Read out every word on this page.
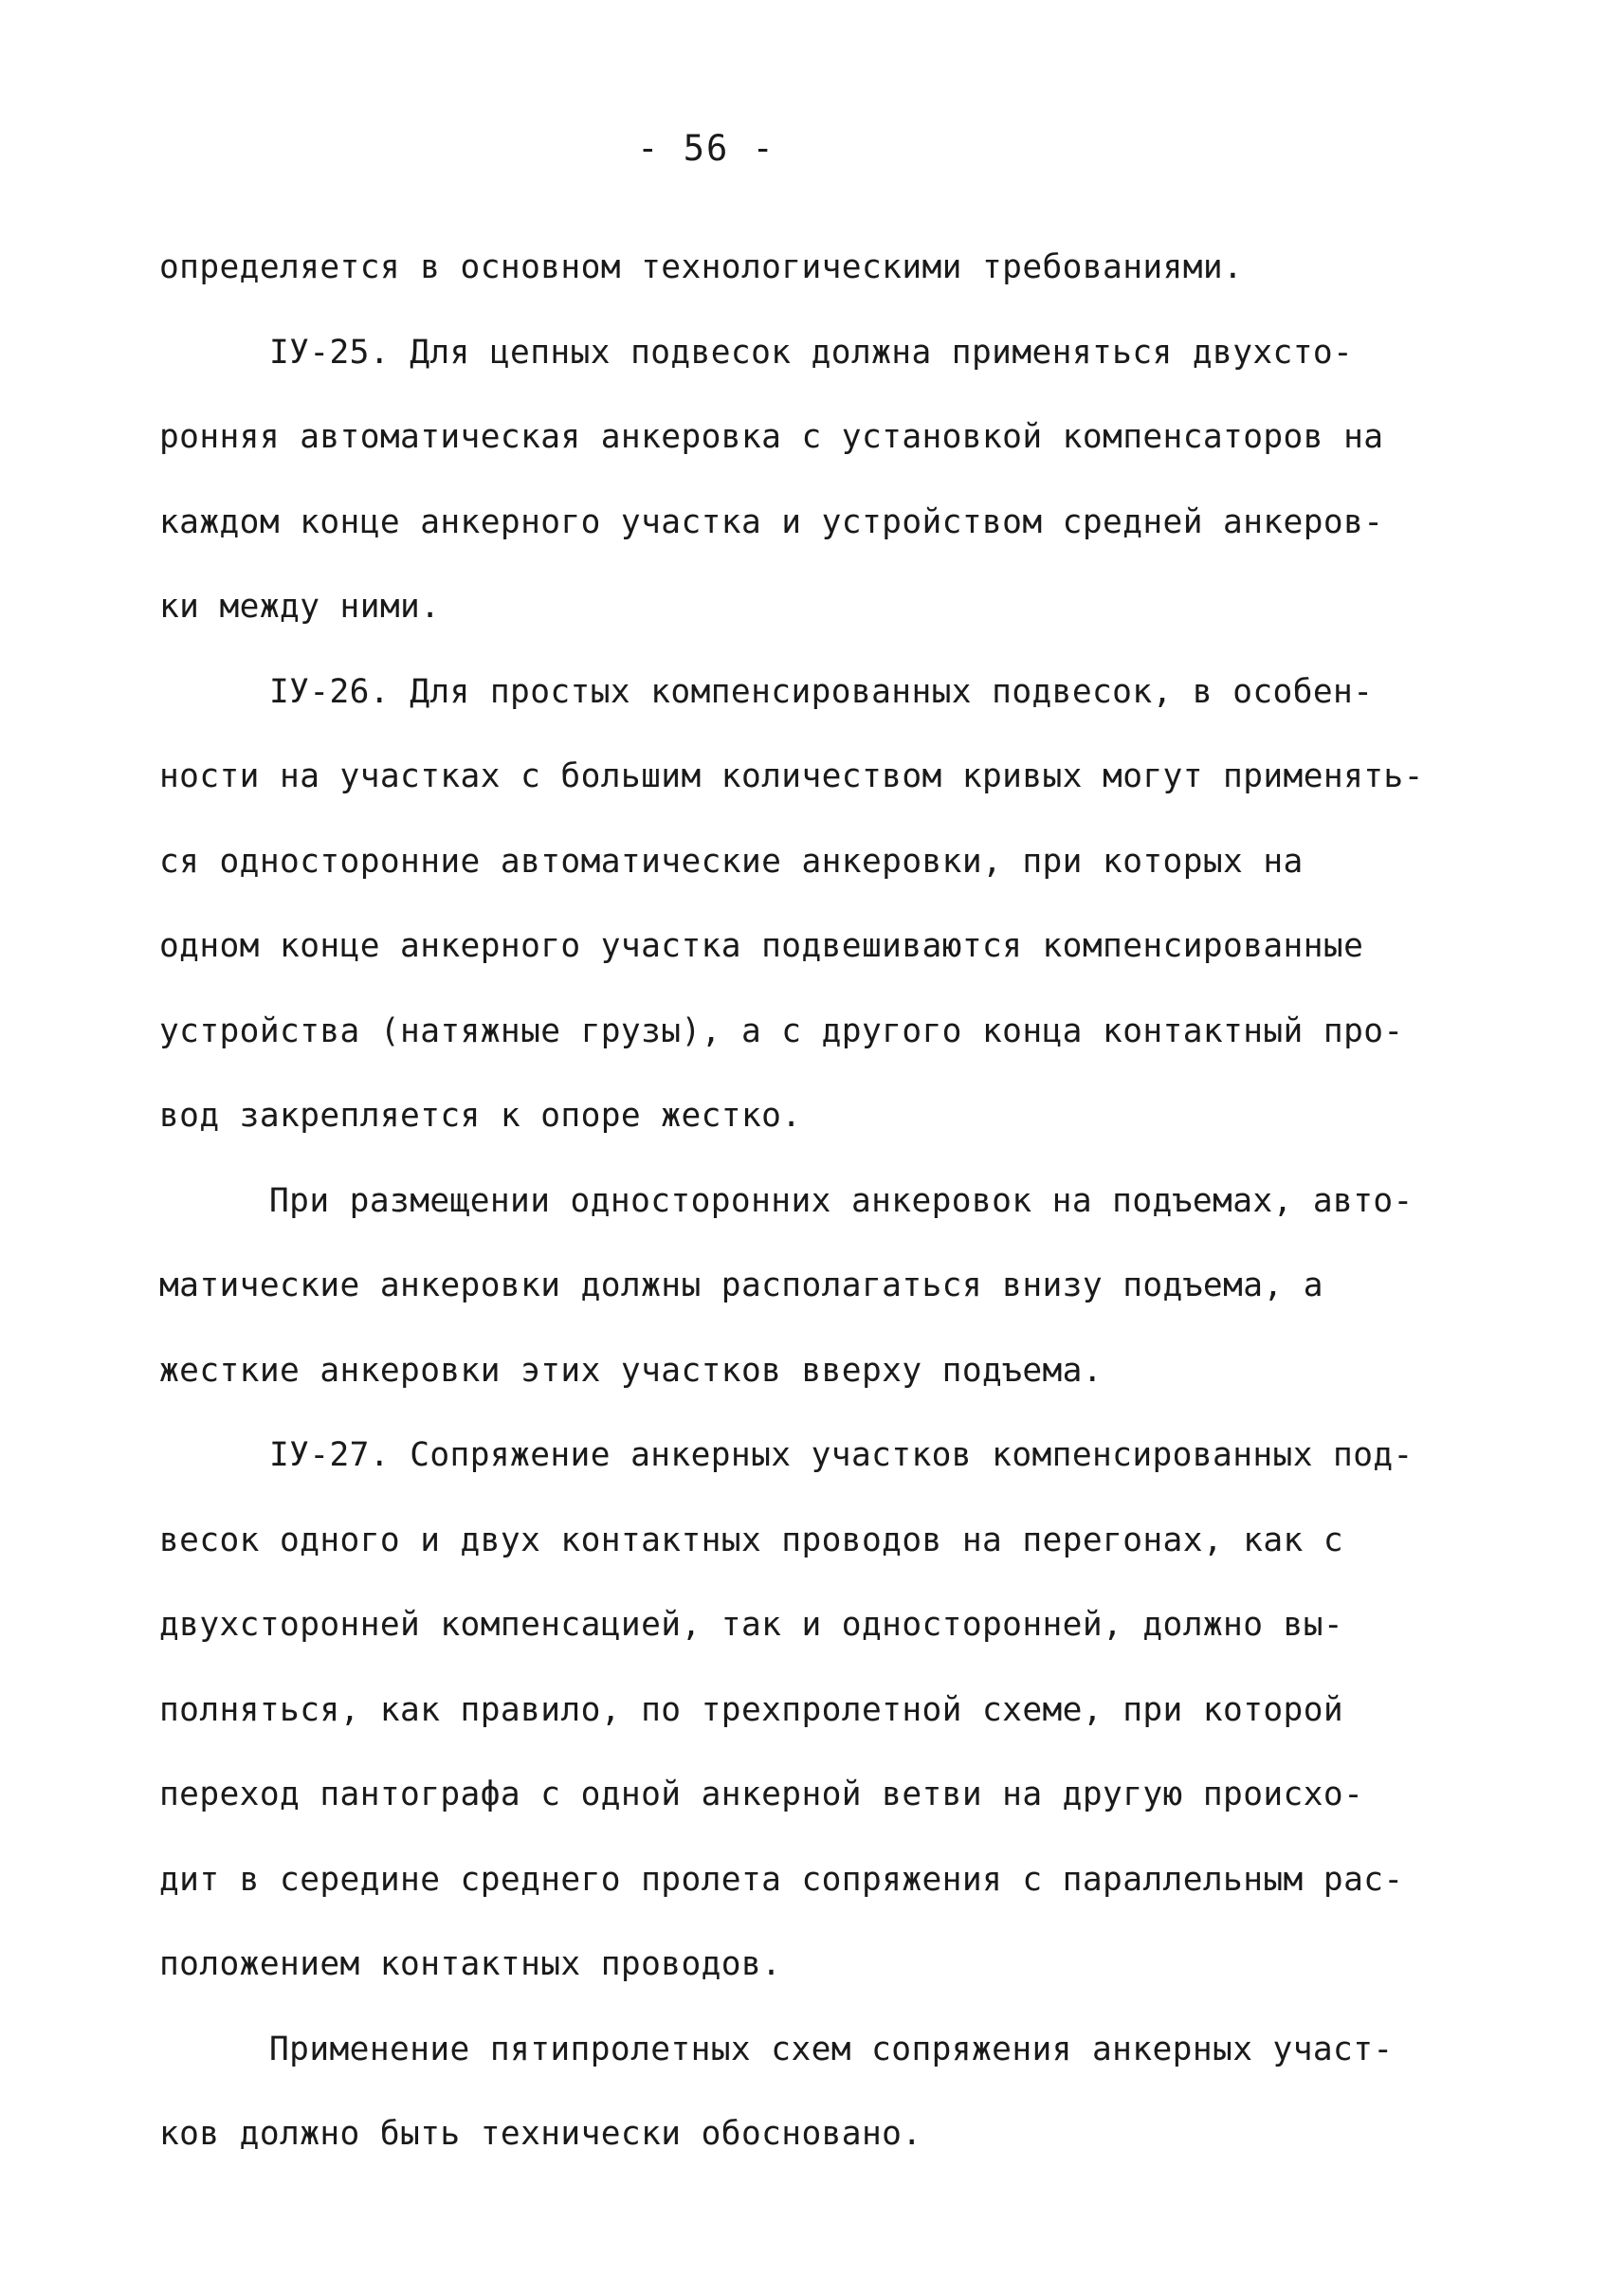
- 56 -
определяется в основном технологическими требованиями.
IУ-25. Для цепных подвесок должна применяться двухсто-
ронняя автоматическая анкеровка с установкой компенсаторов на
каждом конце анкерного участка и устройством средней анкеров-
ки между ними.
IУ-26. Для простых компенсированных подвесок, в особен-
ности на участках с большим количеством кривых могут применять-
ся односторонние автоматические анкеровки, при которых на
одном конце анкерного участка подвешиваются компенсированные
устройства (натяжные грузы), а с другого конца контактный про-
вод закрепляется к опоре жестко.
При размещении односторонних анкеровок на подъемах, авто-
матические анкеровки должны располагаться внизу подъема, а
жесткие анкеровки этих участков вверху подъема.
IУ-27. Сопряжение анкерных участков компенсированных под-
весок одного и двух контактных проводов на перегонах, как с
двухсторонней компенсацией, так и односторонней, должно вы-
полняться, как правило, по трехпролетной схеме, при которой
переход пантографа с одной анкерной ветви на другую происхо-
дит в середине среднего пролета сопряжения с параллельным рас-
положением контактных проводов.
Применение пятипролетных схем сопряжения анкерных участ-
ков должно быть технически обосновано.
